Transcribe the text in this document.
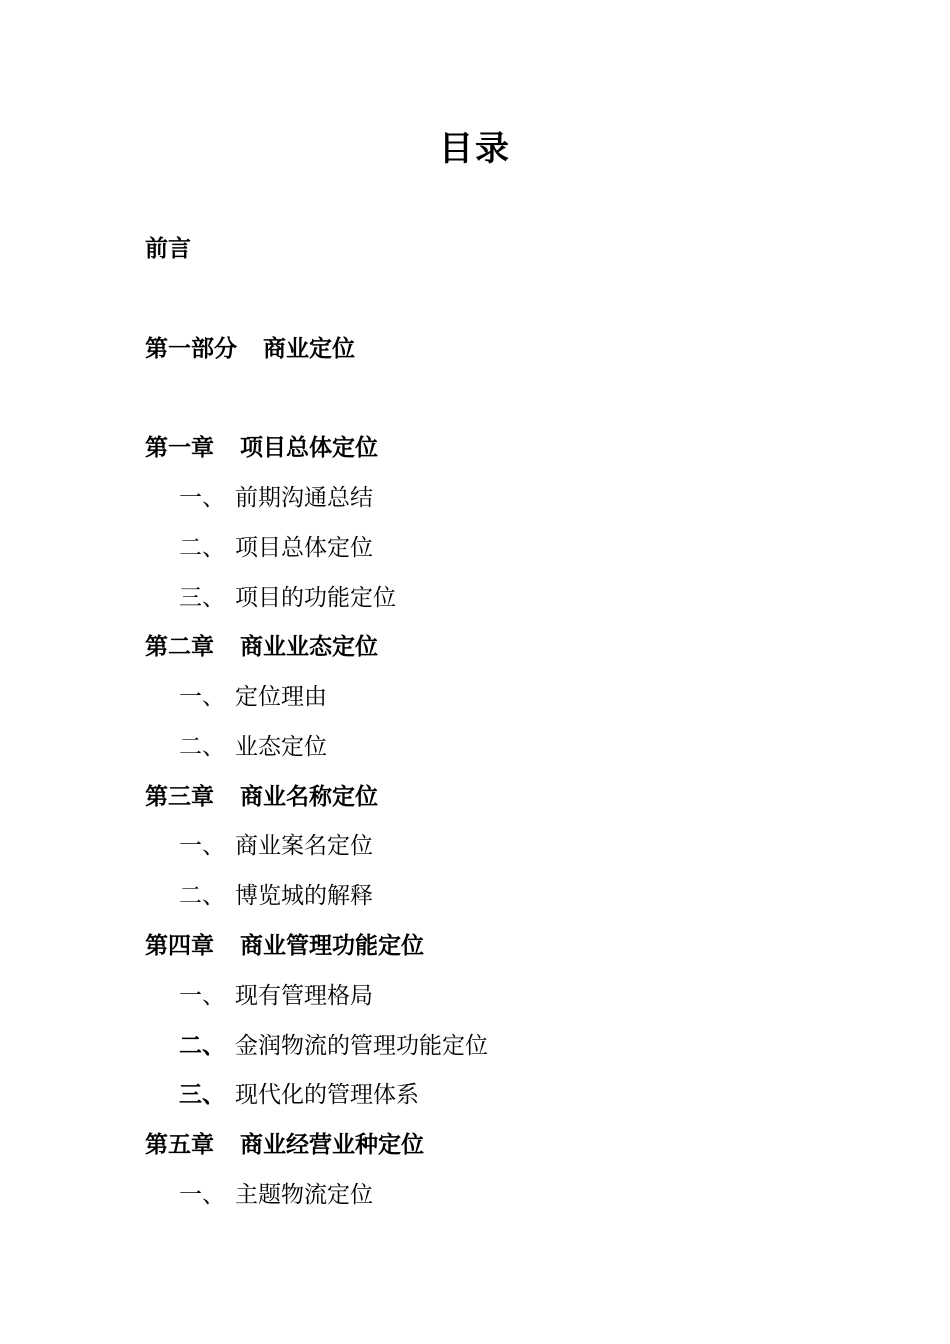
目录
前言
第一部分 商业定位
第一章 项目总体定位
一、 前期沟通总结
二、 项目总体定位
三、 项目的功能定位
第二章 商业业态定位
一、 定位理由
二、 业态定位
第三章 商业名称定位
一、 商业案名定位
二、 博览城的解释
第四章 商业管理功能定位
一、 现有管理格局
二、 金润物流的管理功能定位
三、 现代化的管理体系
第五章 商业经营业种定位
一、 主题物流定位
